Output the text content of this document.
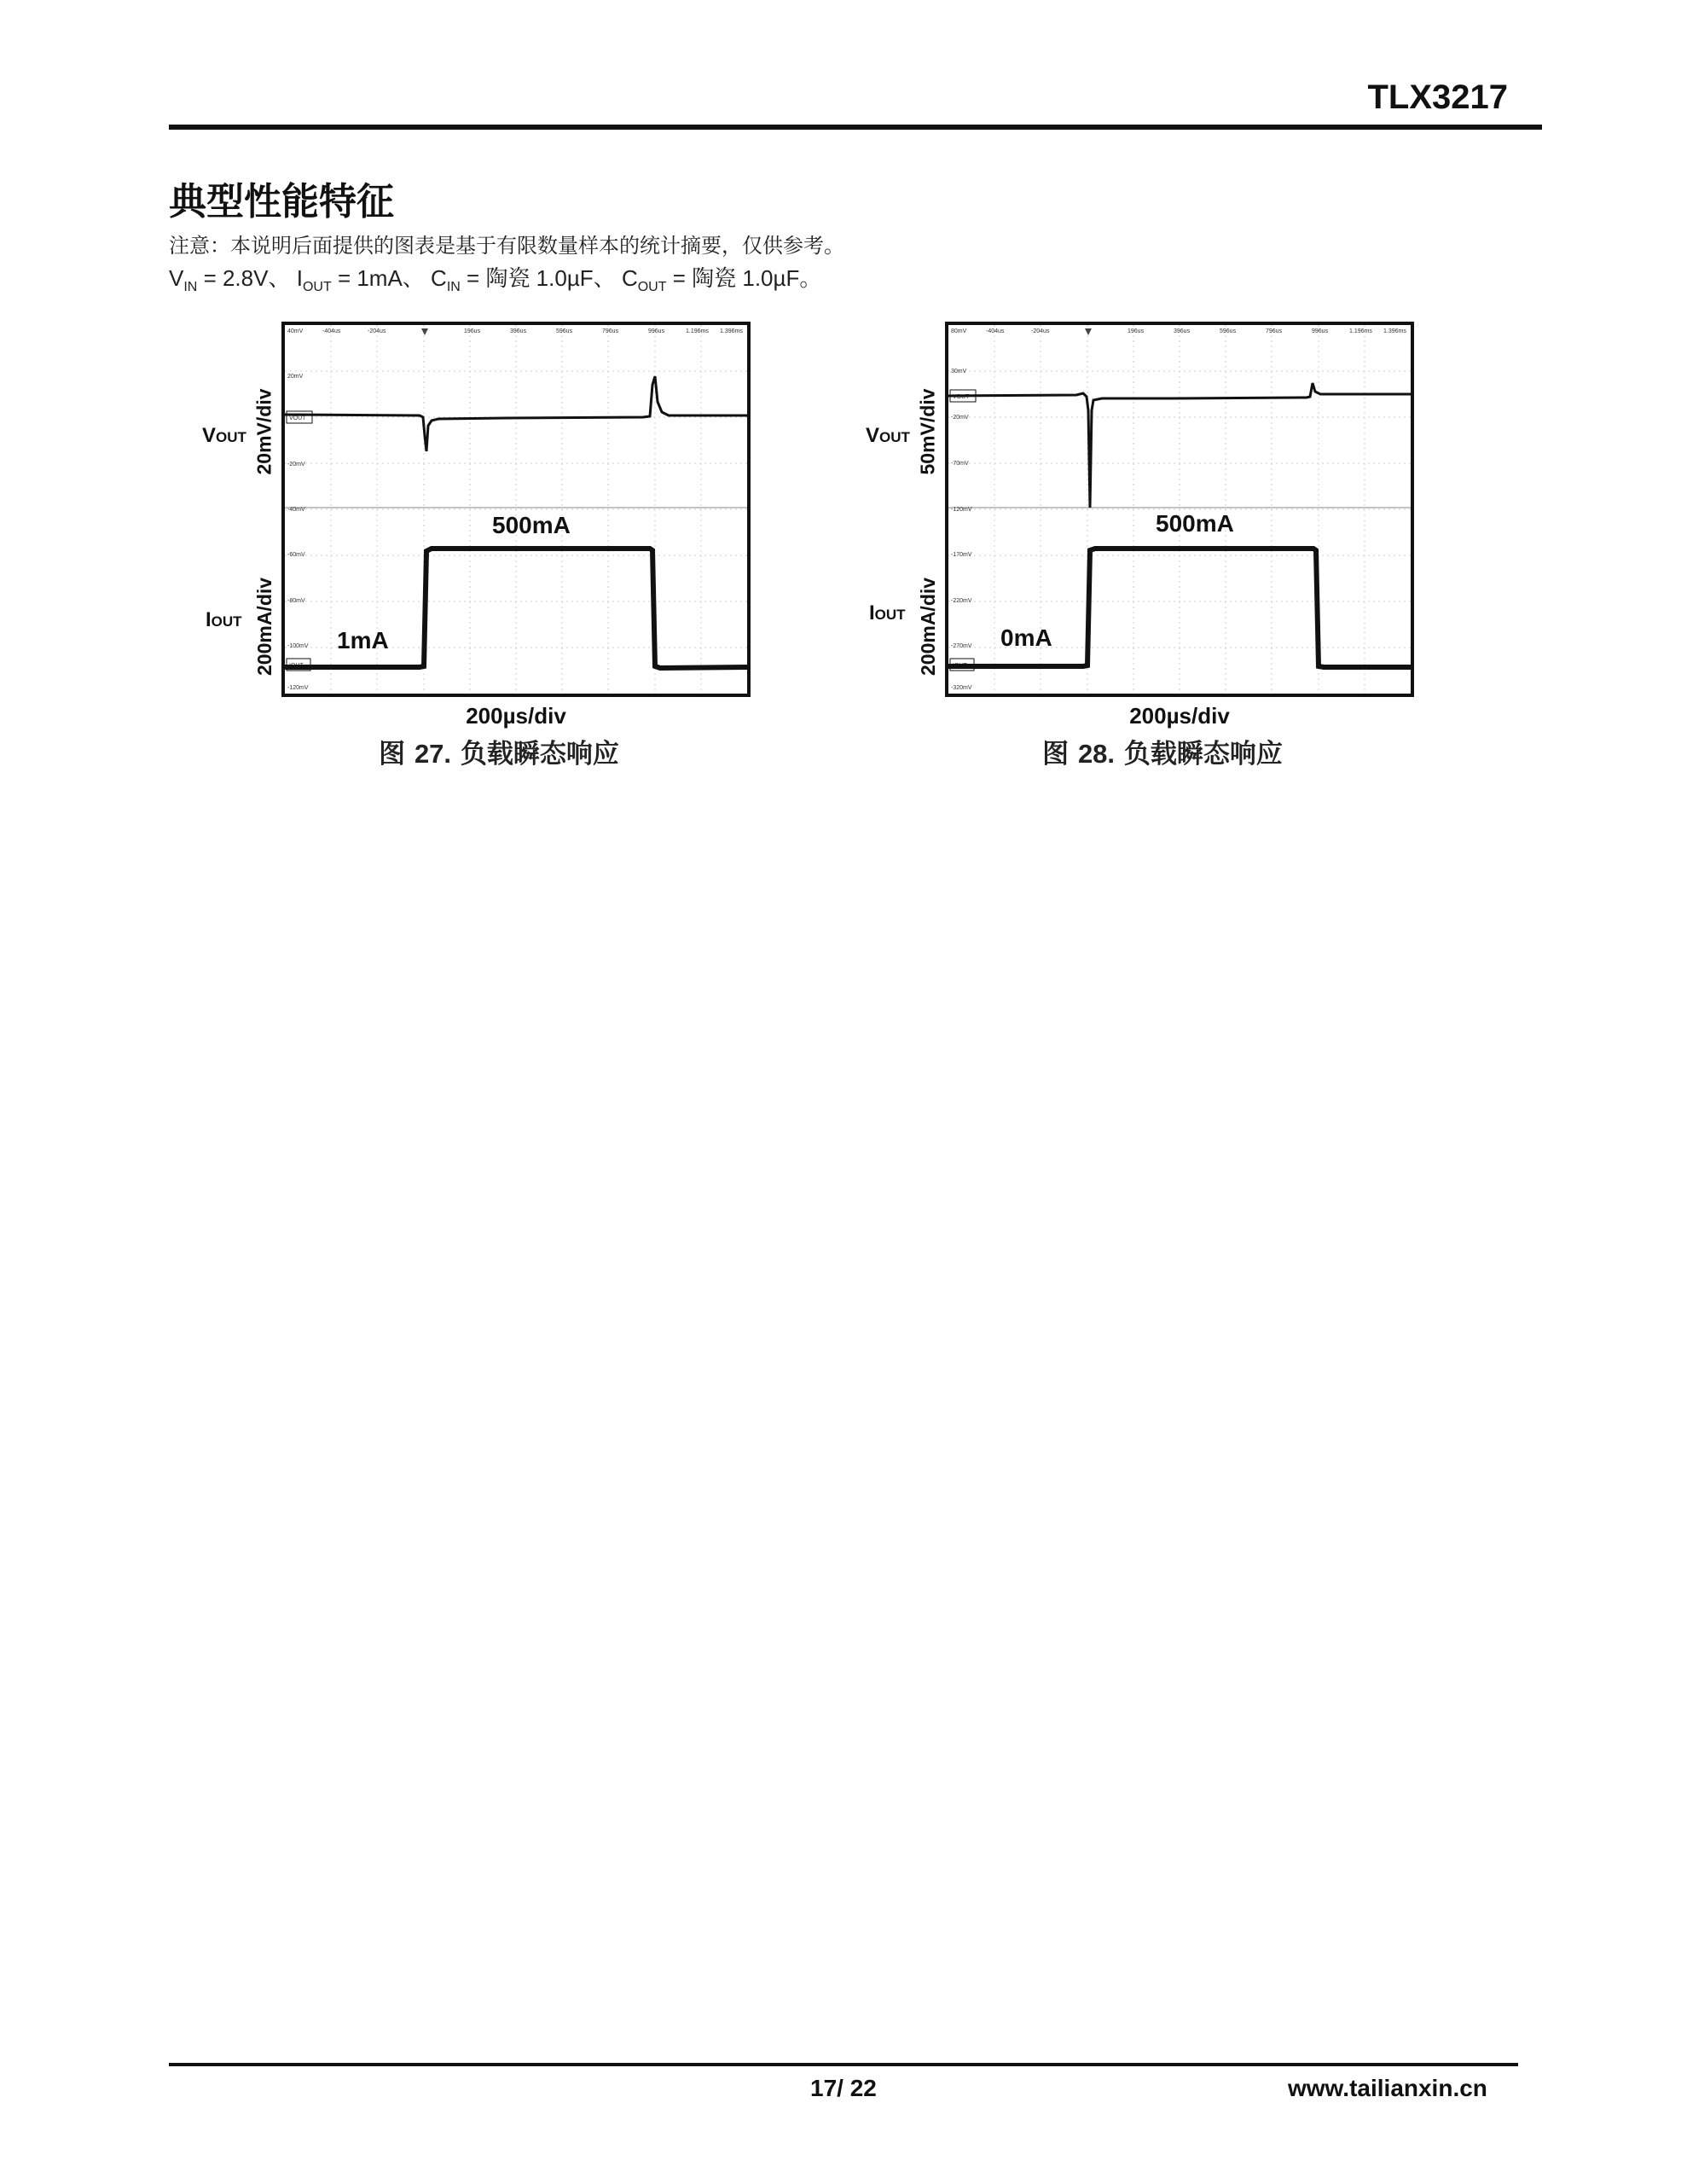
TLX3217
典型性能特征
注意：本说明后面提供的图表是基于有限数量样本的统计摘要，仅供参考。
$V_{IN} = 2.8V$、 $I_{OUT} = 1mA$、 $C_{IN}$ = 陶瓷 1.0µF、 $C_{OUT}$ = 陶瓷 1.0µF。
40mV	-404us	-204us	196us	396us	596us	796us	996us	1.196ms 1.396ms
20mV
-20mV
-40mV
-60mV
-80mV
-100mV
-120mV
VOUT
IOUT
20mV/div
200mA/div
VOUT
IOUT
500mA
1mA
200µs/div
图 27. 负载瞬态响应
80mV	-404us	-204us	196us	396us	596us	796us	996us	1.196ms 1.396ms
30mV
-20mV
-70mV
-120mV
-170mV
-220mV
-270mV
-320mV
VOUT
IOUT
50mV/div
200mA/div
VOUT
IOUT
500mA
0mA
200µs/div
图 28. 负载瞬态响应
17/ 22	www.tailianxin.cn
